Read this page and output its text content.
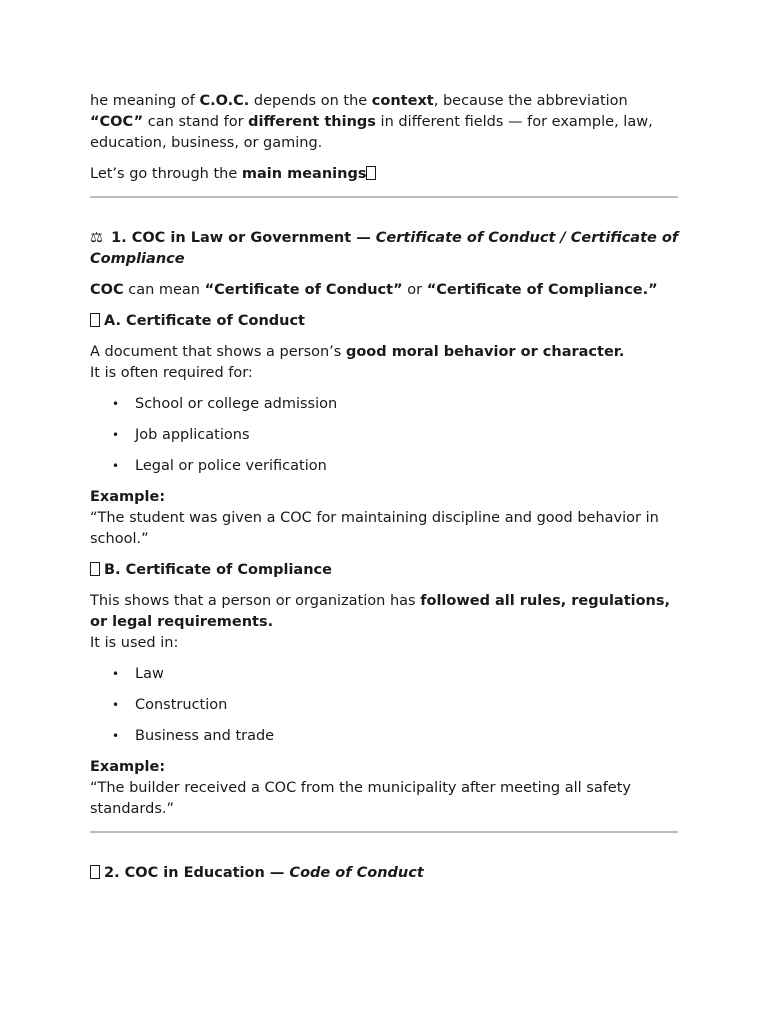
he meaning of C.O.C. depends on the context, because the abbreviation “COC” can stand for different things in different fields — for example, law, education, business, or gaming.

Let’s go through the main meanings

⚖ 1. COC in Law or Government — Certificate of Conduct / Certificate of Compliance

COC can mean “Certificate of Conduct” or “Certificate of Compliance.”

A. Certificate of Conduct

A document that shows a person’s good moral behavior or character.
It is often required for:

• School or college admission
• Job applications
• Legal or police verification

Example:
“The student was given a COC for maintaining discipline and good behavior in school.”

B. Certificate of Compliance

This shows that a person or organization has followed all rules, regulations, or legal requirements.
It is used in:

• Law
• Construction
• Business and trade

Example:
“The builder received a COC from the municipality after meeting all safety standards.”

2. COC in Education — Code of Conduct
